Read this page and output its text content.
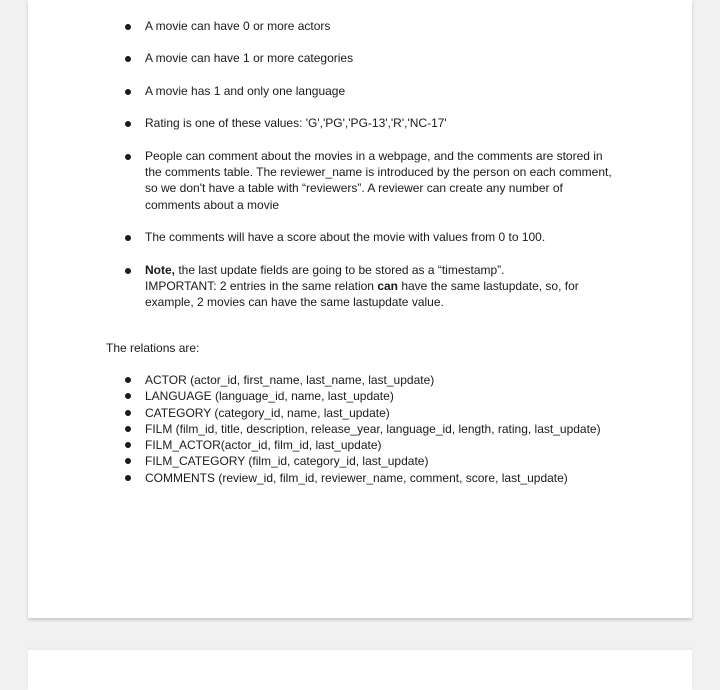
A movie can have 0 or more actors
A movie can have 1 or more categories
A movie has 1 and only one language
Rating is one of these values: 'G','PG','PG-13','R','NC-17'
People can comment about the movies in a webpage, and the comments are stored in
the comments table. The reviewer_name is introduced by the person on each comment,
so we don't have a table with “reviewers”. A reviewer can create any number of
comments about a movie
The comments will have a score about the movie with values from 0 to 100.
Note, the last update fields are going to be stored as a “timestamp”.
IMPORTANT: 2 entries in the same relation can have the same lastupdate, so, for
example, 2 movies can have the same lastupdate value.
The relations are:
ACTOR (actor_id, first_name, last_name, last_update)
LANGUAGE (language_id, name, last_update)
CATEGORY (category_id, name, last_update)
FILM (film_id, title, description, release_year, language_id, length, rating, last_update)
FILM_ACTOR(actor_id, film_id, last_update)
FILM_CATEGORY (film_id, category_id, last_update)
COMMENTS (review_id, film_id, reviewer_name, comment, score, last_update)
